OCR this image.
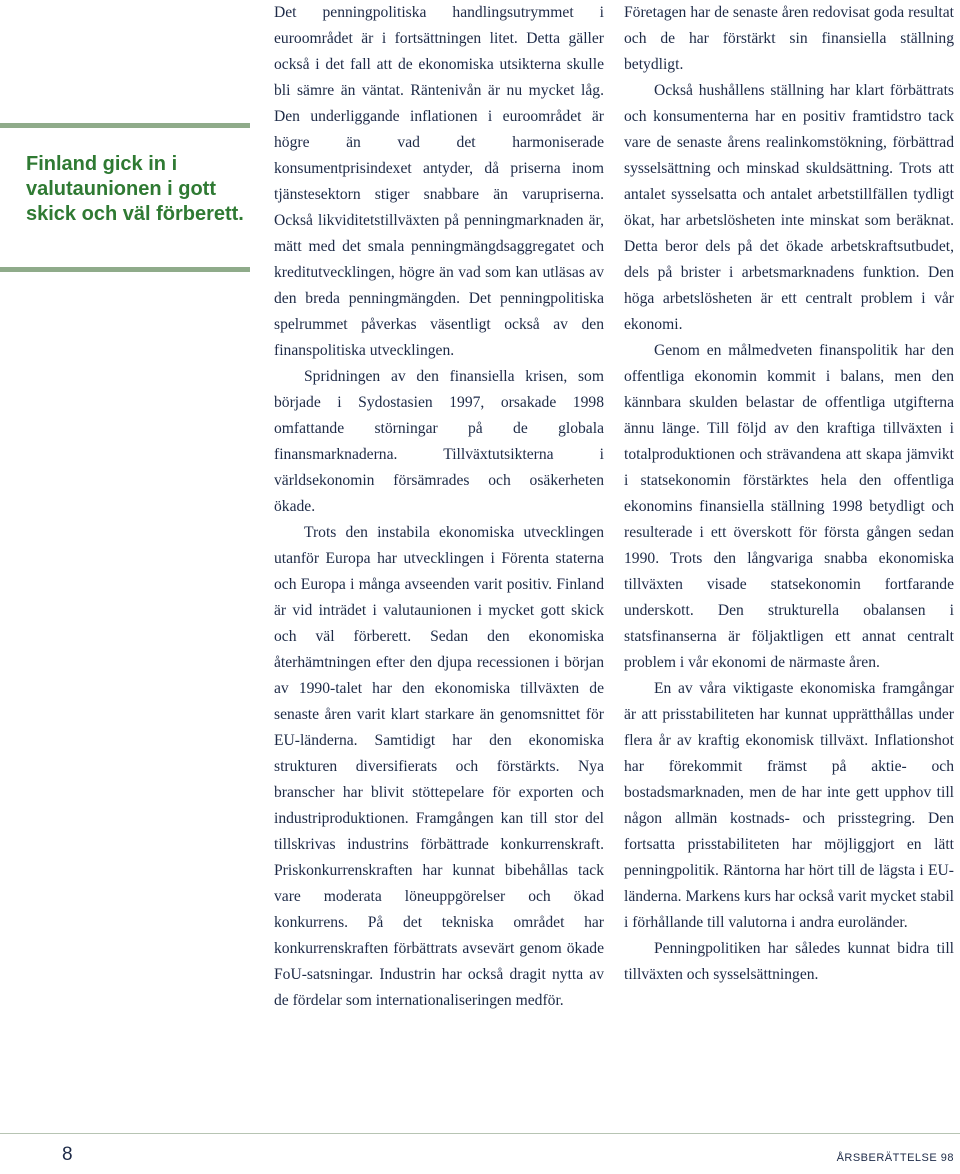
Finland gick in i valutaunionen i gott skick och väl förberett.

Det penningpolitiska handlingsutrymmet i euroområdet är i fortsättningen litet. Detta gäller också i det fall att de ekonomiska utsikterna skulle bli sämre än väntat. Räntenivån är nu mycket låg. Den underliggande inflationen i euroområdet är högre än vad det harmoniserade konsumentprisindexet antyder, då priserna inom tjänstesektorn stiger snabbare än varupriserna. Också likviditetstillväxten på penningmarknaden är, mätt med det smala penningmängdsaggregatet och kreditutvecklingen, högre än vad som kan utläsas av den breda penningmängden. Det penningpolitiska spelrummet påverkas väsentligt också av den finanspolitiska utvecklingen.

Spridningen av den finansiella krisen, som började i Sydostasien 1997, orsakade 1998 omfattande störningar på de globala finansmarknaderna. Tillväxtutsikterna i världsekonomin försämrades och osäkerheten ökade.

Trots den instabila ekonomiska utvecklingen utanför Europa har utvecklingen i Förenta staterna och Europa i många avseenden varit positiv. Finland är vid inträdet i valutaunionen i mycket gott skick och väl förberett. Sedan den ekonomiska återhämtningen efter den djupa recessionen i början av 1990-talet har den ekonomiska tillväxten de senaste åren varit klart starkare än genomsnittet för EU-länderna. Samtidigt har den ekonomiska strukturen diversifierats och förstärkts. Nya branscher har blivit stöttepelare för exporten och industriproduktionen. Framgången kan till stor del tillskrivas industrins förbättrade konkurrenskraft. Priskonkurrenskraften har kunnat bibehållas tack vare moderata löneuppgörelser och ökad konkurrens. På det tekniska området har konkurrenskraften förbättrats avsevärt genom ökade FoU-satsningar. Industrin har också dragit nytta av de fördelar som internationaliseringen medför.

Företagen har de senaste åren redovisat goda resultat och de har förstärkt sin finansiella ställning betydligt.

Också hushållens ställning har klart förbättrats och konsumenterna har en positiv framtidstro tack vare de senaste årens realinkomstökning, förbättrad sysselsättning och minskad skuldsättning. Trots att antalet sysselsatta och antalet arbetstillfällen tydligt ökat, har arbetslösheten inte minskat som beräknat. Detta beror dels på det ökade arbetskraftsutbudet, dels på brister i arbetsmarknadens funktion. Den höga arbetslösheten är ett centralt problem i vår ekonomi.

Genom en målmedveten finanspolitik har den offentliga ekonomin kommit i balans, men den kännbara skulden belastar de offentliga utgifterna ännu länge. Till följd av den kraftiga tillväxten i totalproduktionen och strävandena att skapa jämvikt i statsekonomin förstärktes hela den offentliga ekonomins finansiella ställning 1998 betydligt och resulterade i ett överskott för första gången sedan 1990. Trots den långvariga snabba ekonomiska tillväxten visade statsekonomin fortfarande underskott. Den strukturella obalansen i statsfinanserna är följaktligen ett annat centralt problem i vår ekonomi de närmaste åren.

En av våra viktigaste ekonomiska framgångar är att prisstabiliteten har kunnat upprätthållas under flera år av kraftig ekonomisk tillväxt. Inflationshot har förekommit främst på aktie- och bostadsmarknaden, men de har inte gett upphov till någon allmän kostnads- och prisstegring. Den fortsatta prisstabiliteten har möjliggjort en lätt penningpolitik. Räntorna har hört till de lägsta i EU-länderna. Markens kurs har också varit mycket stabil i förhållande till valutorna i andra euroländer.

Penningpolitiken har således kunnat bidra till tillväxten och sysselsättningen.

8	ÅRSBERÄTTELSE 98
